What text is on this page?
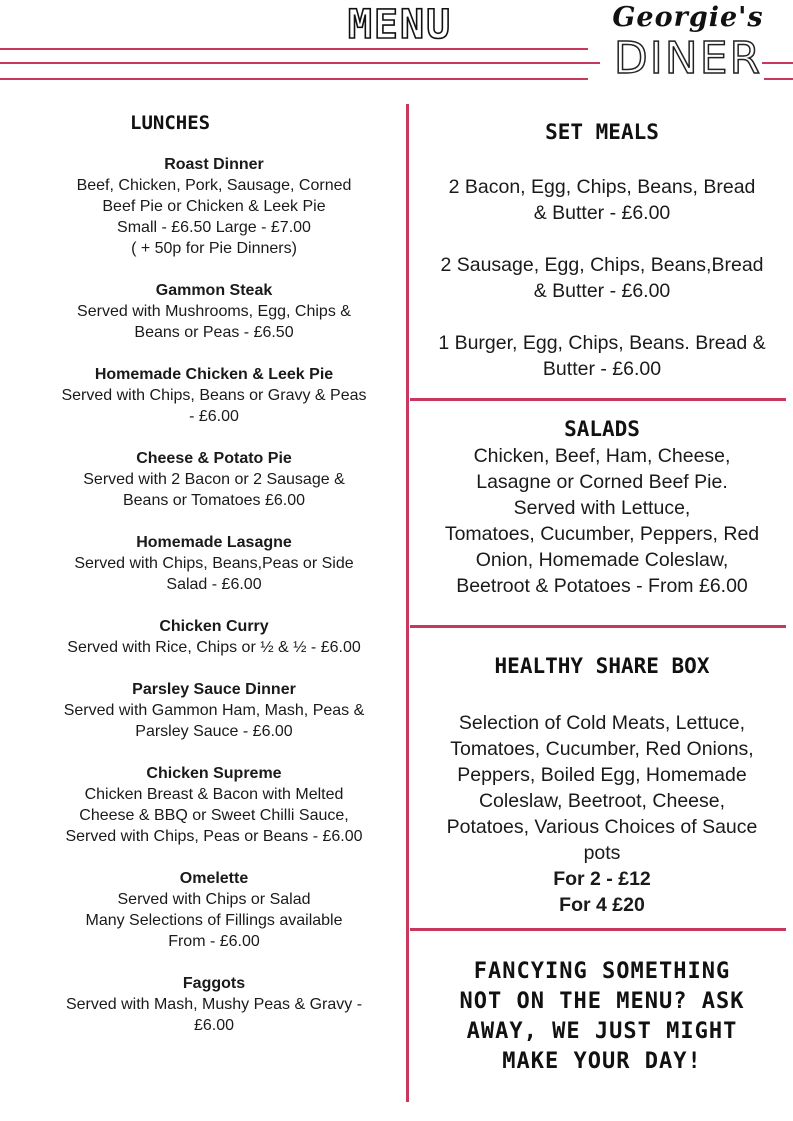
MENU	Georgie's
DINER
LUNCHES
Roast Dinner
Beef, Chicken, Pork, Sausage, Corned
Beef Pie or Chicken & Leek Pie
Small - £6.50 Large - £7.00
( + 50p for Pie Dinners)
Gammon Steak
Served with Mushrooms, Egg, Chips &
Beans or Peas - £6.50
Homemade Chicken & Leek Pie
Served with Chips, Beans or Gravy & Peas
- £6.00
Cheese & Potato Pie
Served with 2 Bacon or 2 Sausage &
Beans or Tomatoes £6.00
Homemade Lasagne
Served with Chips, Beans,Peas or Side
Salad - £6.00
Chicken Curry
Served with Rice, Chips or ½ & ½ - £6.00
Parsley Sauce Dinner
Served with Gammon Ham, Mash, Peas &
Parsley Sauce - £6.00
Chicken Supreme
Chicken Breast & Bacon with Melted
Cheese & BBQ or Sweet Chilli Sauce,
Served with Chips, Peas or Beans - £6.00
Omelette
Served with Chips or Salad
Many Selections of Fillings available
From - £6.00
Faggots
Served with Mash, Mushy Peas & Gravy -
£6.00
SET MEALS
2 Bacon, Egg, Chips, Beans, Bread
& Butter - £6.00
2 Sausage, Egg, Chips, Beans,Bread
& Butter - £6.00
1 Burger, Egg, Chips, Beans. Bread &
Butter - £6.00
SALADS
Chicken, Beef, Ham, Cheese,
Lasagne or Corned Beef Pie.
Served with Lettuce,
Tomatoes, Cucumber, Peppers, Red
Onion, Homemade Coleslaw,
Beetroot & Potatoes - From £6.00
HEALTHY SHARE BOX
Selection of Cold Meats, Lettuce,
Tomatoes, Cucumber, Red Onions,
Peppers, Boiled Egg, Homemade
Coleslaw, Beetroot, Cheese,
Potatoes, Various Choices of Sauce
pots
For 2 - £12
For 4 £20
FANCYING SOMETHING
NOT ON THE MENU? ASK
AWAY, WE JUST MIGHT
MAKE YOUR DAY!
